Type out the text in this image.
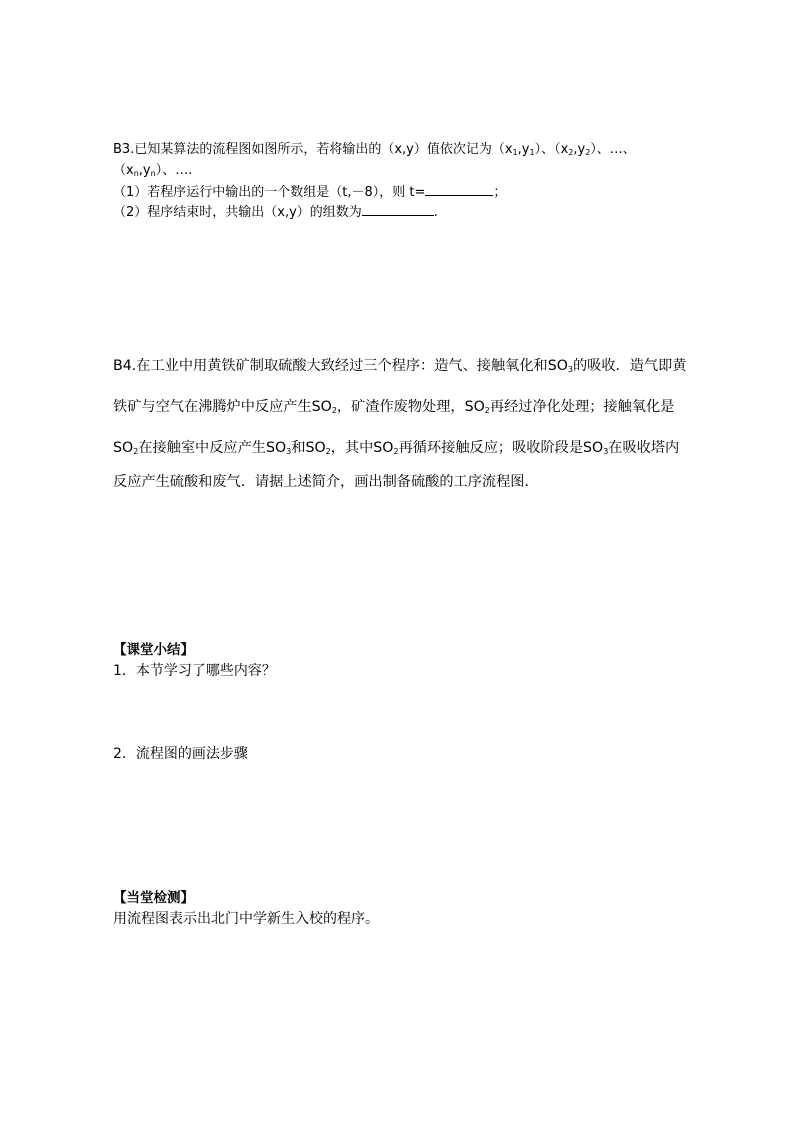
B3.已知某算法的流程图如图所示，若将输出的（x,y）值依次记为$(x_1,y_1)$、$(x_2,y_2)$、…、
$(x_n,y_n)$、….
（1）若程序运行中输出的一个数组是（t,－8），则 t=	；
（2）程序结束时，共输出（x,y）的组数为	.
B4.在工业中用黄铁矿制取硫酸大致经过三个程序：造气、接触氧化和$SO_3$的吸收．造气即黄
铁矿与空气在沸腾炉中反应产生$SO_2$，矿渣作废物处理，$SO_2$再经过净化处理；接触氧化是
$SO_2$在接触室中反应产生$SO_3$和$SO_2$，其中$SO_2$再循环接触反应；吸收阶段是$SO_3$在吸收塔内
反应产生硫酸和废气．请据上述简介，画出制备硫酸的工序流程图．
【课堂小结】
1．本节学习了哪些内容？
2．流程图的画法步骤
【当堂检测】
用流程图表示出北门中学新生入校的程序。
